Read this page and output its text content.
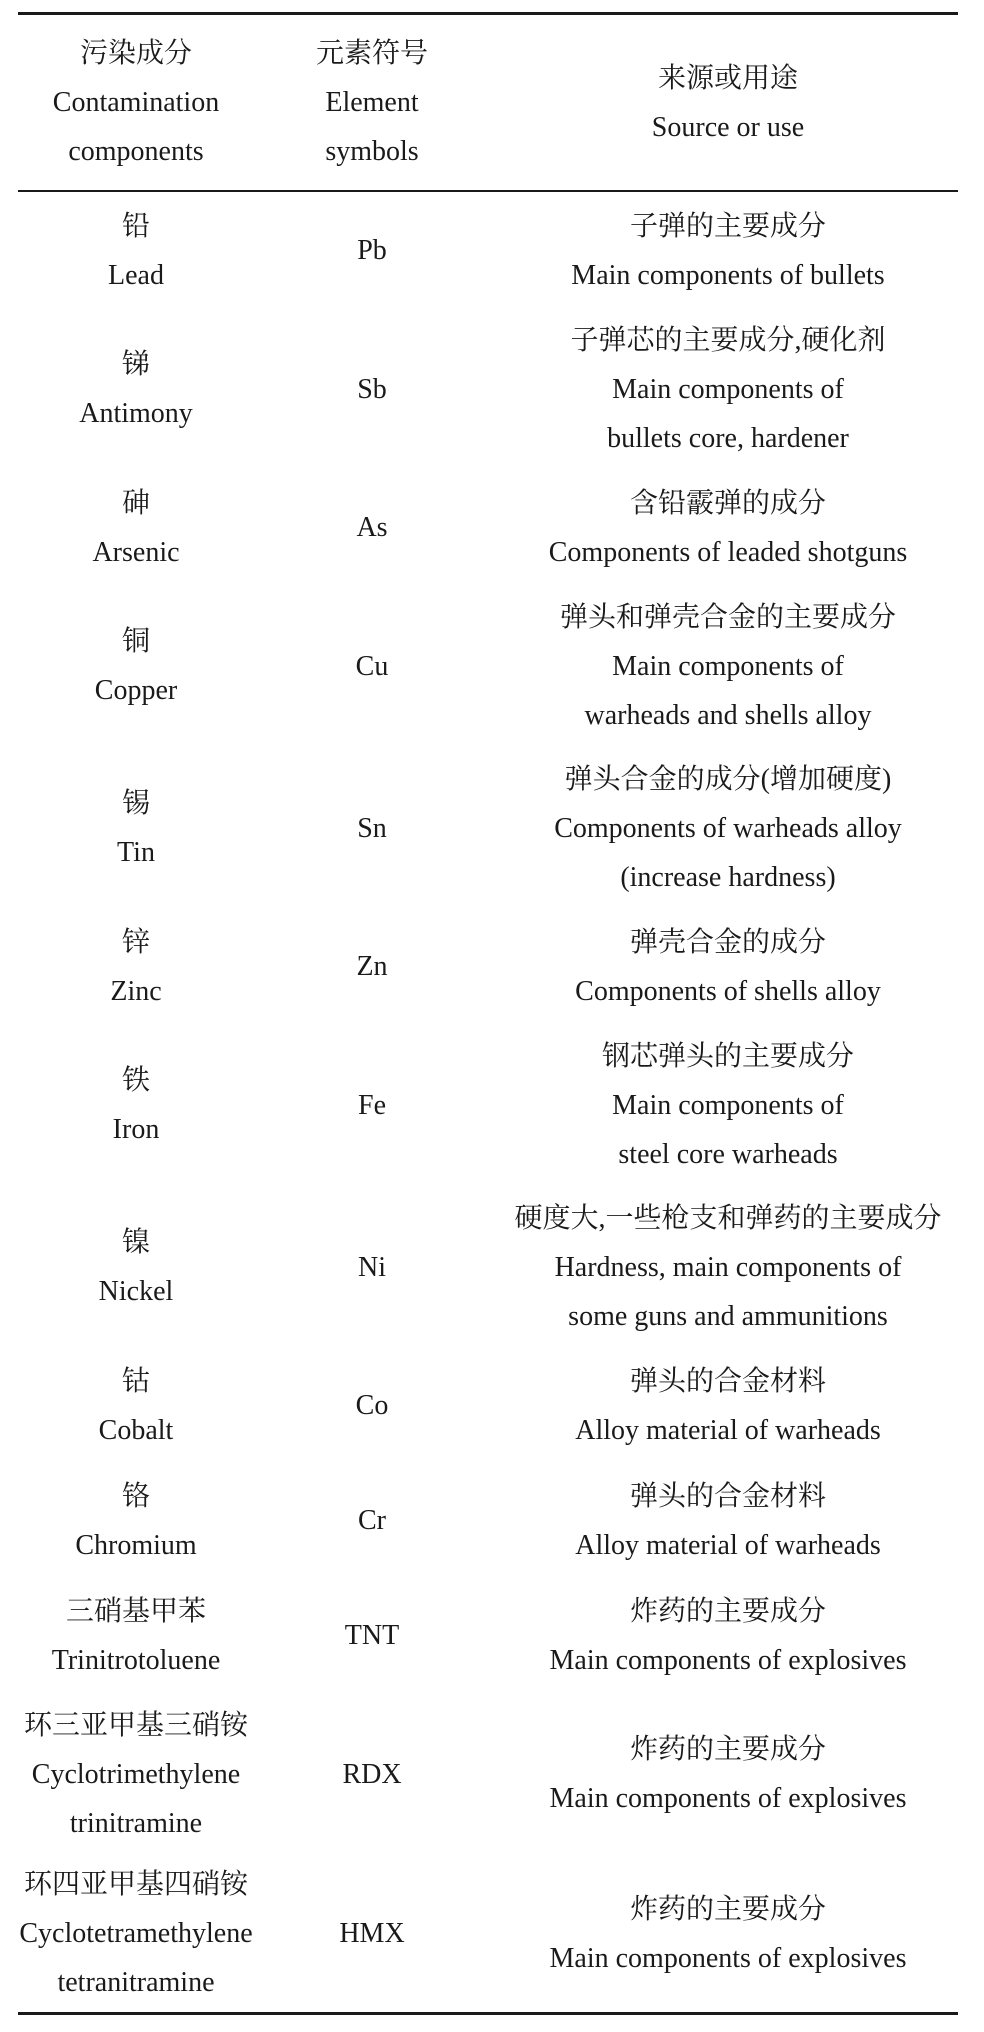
污染成分
Contamination
components
元素符号
Element
symbols
来源或用途
Source or use
铅
Lead
Pb
子弹的主要成分
Main components of bullets
锑
Antimony
Sb
子弹芯的主要成分,硬化剂
Main components of
bullets core, hardener
砷
Arsenic
As
含铅霰弹的成分
Components of leaded shotguns
铜
Copper
Cu
弹头和弹壳合金的主要成分
Main components of
warheads and shells alloy
锡
Tin
Sn
弹头合金的成分(增加硬度)
Components of warheads alloy
(increase hardness)
锌
Zinc
Zn
弹壳合金的成分
Components of shells alloy
铁
Iron
Fe
钢芯弹头的主要成分
Main components of
steel core warheads
镍
Nickel
Ni
硬度大,一些枪支和弹药的主要成分
Hardness, main components of
some guns and ammunitions
钴
Cobalt
Co
弹头的合金材料
Alloy material of warheads
铬
Chromium
Cr
弹头的合金材料
Alloy material of warheads
三硝基甲苯
Trinitrotoluene
TNT
炸药的主要成分
Main components of explosives
环三亚甲基三硝铵
Cyclotrimethylene
trinitramine
RDX
炸药的主要成分
Main components of explosives
环四亚甲基四硝铵
Cyclotetramethylene
tetranitramine
HMX
炸药的主要成分
Main components of explosives
